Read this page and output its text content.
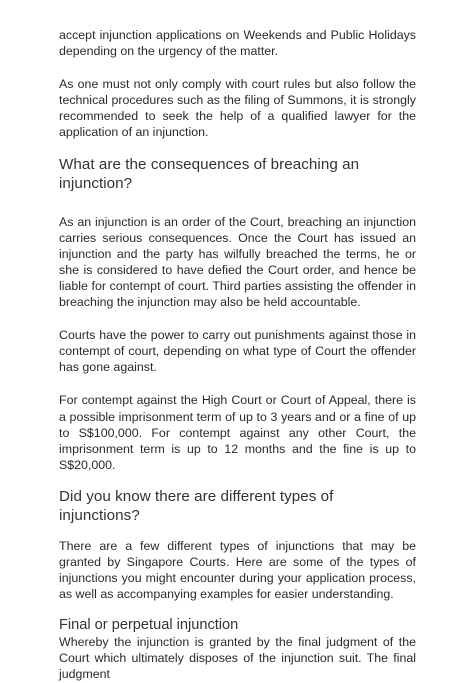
accept injunction applications on Weekends and Public Holidays depending on the urgency of the matter.

As one must not only comply with court rules but also follow the technical procedures such as the filing of Summons, it is strongly recommended to seek the help of a qualified lawyer for the application of an injunction.

What are the consequences of breaching an injunction?

As an injunction is an order of the Court, breaching an injunction carries serious consequences. Once the Court has issued an injunction and the party has wilfully breached the terms, he or she is considered to have defied the Court order, and hence be liable for contempt of court. Third parties assisting the offender in breaching the injunction may also be held accountable.

Courts have the power to carry out punishments against those in contempt of court, depending on what type of Court the offender has gone against.

For contempt against the High Court or Court of Appeal, there is a possible imprisonment term of up to 3 years and or a fine of up to S$100,000. For contempt against any other Court, the imprisonment term is up to 12 months and the fine is up to S$20,000.

Did you know there are different types of injunctions?

There are a few different types of injunctions that may be granted by Singapore Courts. Here are some of the types of injunctions you might encounter during your application process, as well as accompanying examples for easier understanding.

Final or perpetual injunction

Whereby the injunction is granted by the final judgment of the Court which ultimately disposes of the injunction suit. The final judgment
